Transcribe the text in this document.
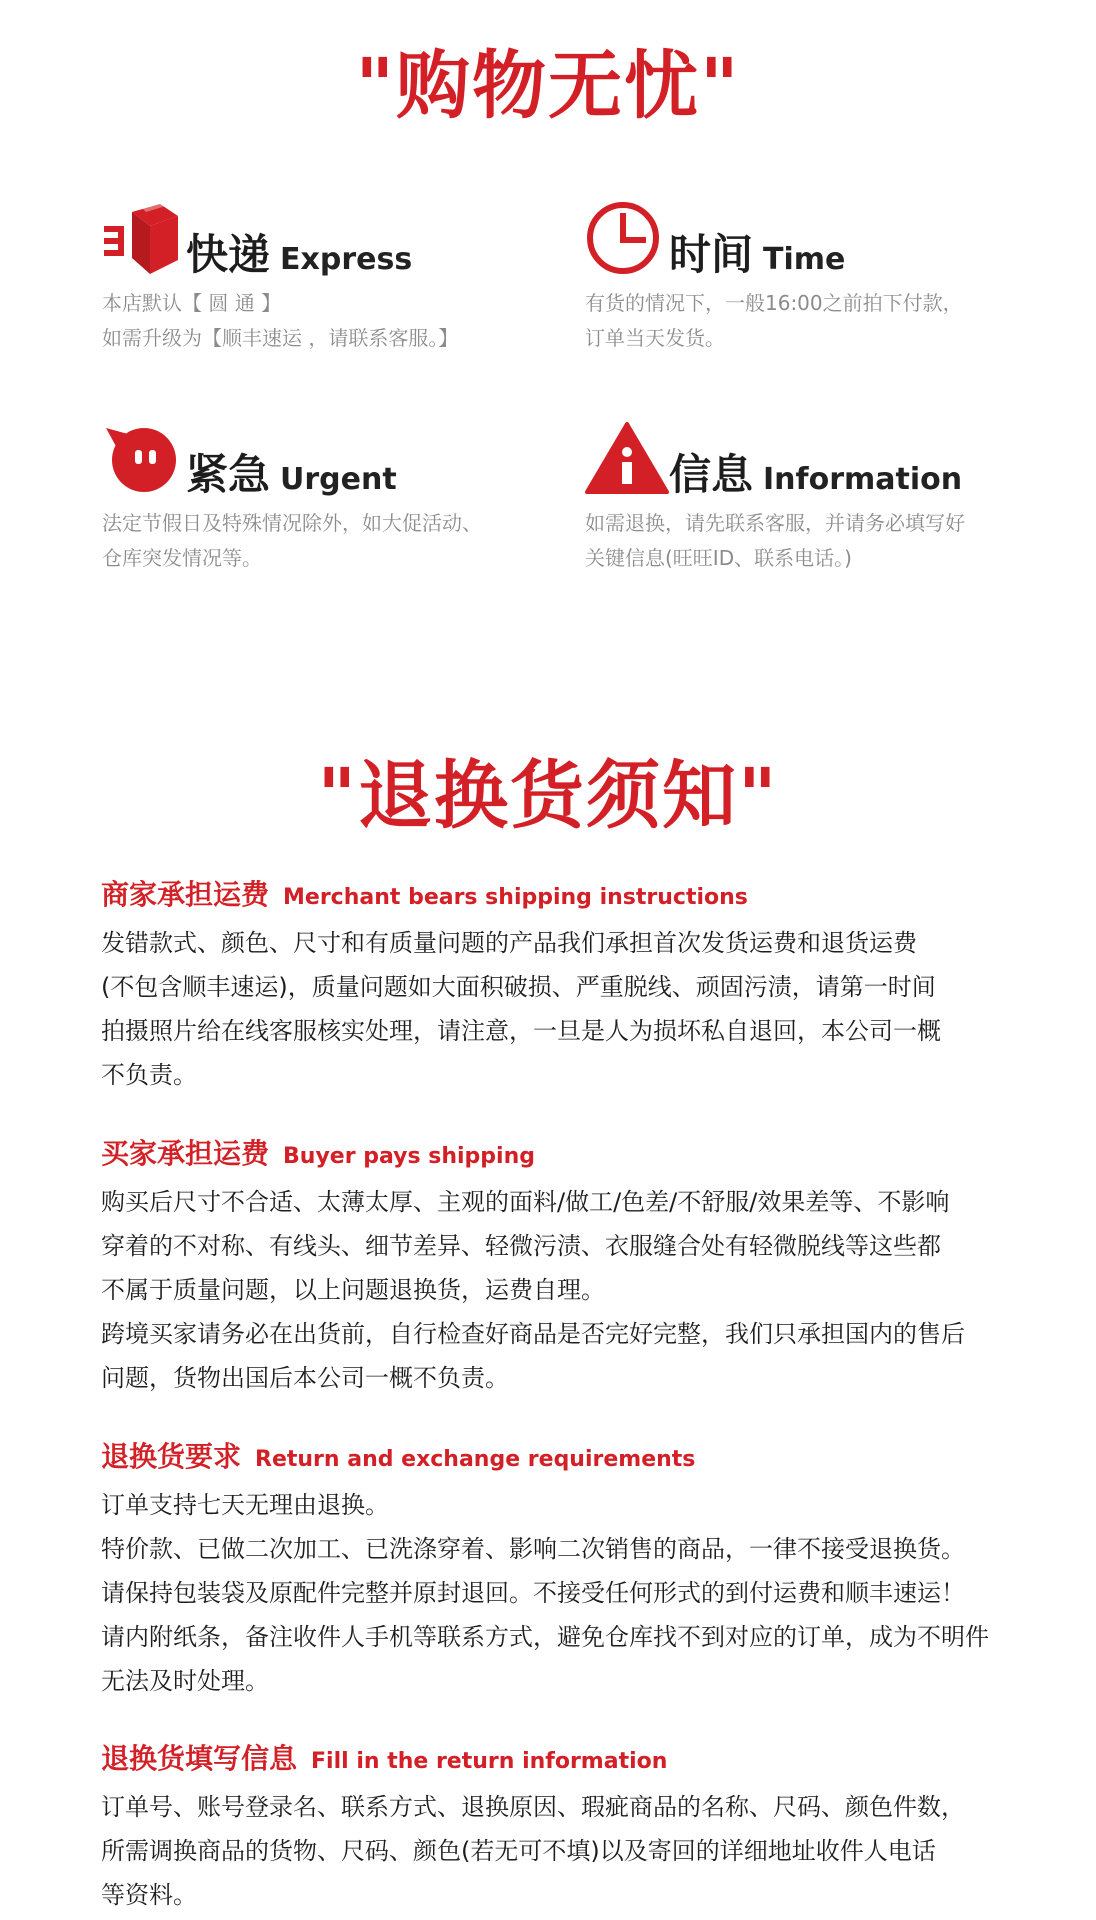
"购物无忧"
快递 Express
本店默认【 圆 通 】
如需升级为【顺丰速运 ，请联系客服。】
时间 Time
有货的情况下，一般16:00之前拍下付款，
订单当天发货。
紧急 Urgent
法定节假日及特殊情况除外，如大促活动、
仓库突发情况等。
信息 Information
如需退换，请先联系客服，并请务必填写好
关键信息(旺旺ID、联系电话。)
"退换货须知"
商家承担运费 Merchant bears shipping instructions
发错款式、颜色、尺寸和有质量问题的产品我们承担首次发货运费和退货运费
(不包含顺丰速运)，质量问题如大面积破损、严重脱线、顽固污渍，请第一时间
拍摄照片给在线客服核实处理，请注意，一旦是人为损坏私自退回，本公司一概
不负责。
买家承担运费 Buyer pays shipping
购买后尺寸不合适、太薄太厚、主观的面料/做工/色差/不舒服/效果差等、不影响
穿着的不对称、有线头、细节差异、轻微污渍、衣服缝合处有轻微脱线等这些都
不属于质量问题，以上问题退换货，运费自理。
跨境买家请务必在出货前，自行检查好商品是否完好完整，我们只承担国内的售后
问题，货物出国后本公司一概不负责。
退换货要求 Return and exchange requirements
订单支持七天无理由退换。
特价款、已做二次加工、已洗涤穿着、影响二次销售的商品，一律不接受退换货。
请保持包装袋及原配件完整并原封退回。不接受任何形式的到付运费和顺丰速运！
请内附纸条，备注收件人手机等联系方式，避免仓库找不到对应的订单，成为不明件
无法及时处理。
退换货填写信息 Fill in the return information
订单号、账号登录名、联系方式、退换原因、瑕疵商品的名称、尺码、颜色件数，
所需调换商品的货物、尺码、颜色(若无可不填)以及寄回的详细地址收件人电话
等资料。
